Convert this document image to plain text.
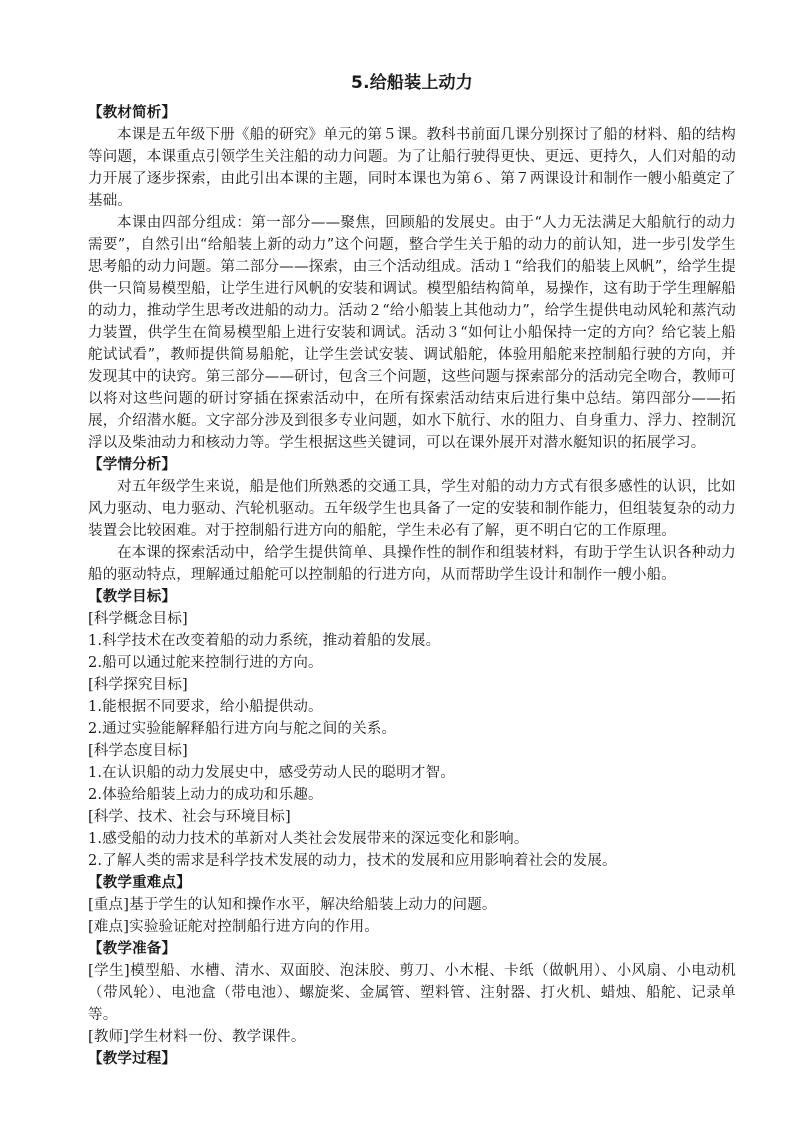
5.给船装上动力
【教材简析】

本课是五年级下册《船的研究》单元的第５课。教科书前面几课分别探讨了船的材料、船的结构等问题，本课重点引领学生关注船的动力问题。为了让船行驶得更快、更远、更持久，人们对船的动力开展了逐步探索，由此引出本课的主题，同时本课也为第６、第７两课设计和制作一艘小船奠定了基础。

本课由四部分组成：第一部分——聚焦，回顾船的发展史。由于“人力无法满足大船航行的动力需要”，自然引出“给船装上新的动力”这个问题，整合学生关于船的动力的前认知，进一步引发学生思考船的动力问题。第二部分——探索，由三个活动组成。活动１“给我们的船装上风帆”，给学生提供一只简易模型船，让学生进行风帆的安装和调试。模型船结构简单，易操作，这有助于学生理解船的动力，推动学生思考改进船的动力。活动２“给小船装上其他动力”，给学生提供电动风轮和蒸汽动力装置，供学生在简易模型船上进行安装和调试。活动３“如何让小船保持一定的方向？给它装上船舵试试看”，教师提供简易船舵，让学生尝试安装、调试船舵，体验用船舵来控制船行驶的方向，并发现其中的诀窍。第三部分——研讨，包含三个问题，这些问题与探索部分的活动完全吻合，教师可以将对这些问题的研讨穿插在探索活动中，在所有探索活动结束后进行集中总结。第四部分——拓展，介绍潜水艇。文字部分涉及到很多专业问题，如水下航行、水的阻力、自身重力、浮力、控制沉浮以及柴油动力和核动力等。学生根据这些关键词，可以在课外展开对潜水艇知识的拓展学习。

【学情分析】

对五年级学生来说，船是他们所熟悉的交通工具，学生对船的动力方式有很多感性的认识，比如风力驱动、电力驱动、汽轮机驱动。五年级学生也具备了一定的安装和制作能力，但组装复杂的动力装置会比较困难。对于控制船行进方向的船舵，学生未必有了解，更不明白它的工作原理。

在本课的探索活动中，给学生提供简单、具操作性的制作和组装材料，有助于学生认识各种动力船的驱动特点，理解通过船舵可以控制船的行进方向，从而帮助学生设计和制作一艘小船。

【教学目标】
[科学概念目标]
1.科学技术在改变着船的动力系统，推动着船的发展。
2.船可以通过舵来控制行进的方向。
[科学探究目标]
1.能根据不同要求，给小船提供动。
2.通过实验能解释船行进方向与舵之间的关系。
[科学态度目标]
1.在认识船的动力发展史中，感受劳动人民的聪明才智。
2.体验给船装上动力的成功和乐趣。
[科学、技术、社会与环境目标]
1.感受船的动力技术的革新对人类社会发展带来的深远变化和影响。
2.了解人类的需求是科学技术发展的动力，技术的发展和应用影响着社会的发展。
【教学重难点】
[重点]基于学生的认知和操作水平，解决给船装上动力的问题。
[难点]实验验证舵对控制船行进方向的作用。
【教学准备】
[学生]模型船、水槽、清水、双面胶、泡沫胶、剪刀、小木棍、卡纸（做帆用）、小风扇、小电动机（带风轮）、电池盒（带电池）、螺旋桨、金属管、塑料管、注射器、打火机、蜡烛、船舵、记录单等。
[教师]学生材料一份、教学课件。
【教学过程】
